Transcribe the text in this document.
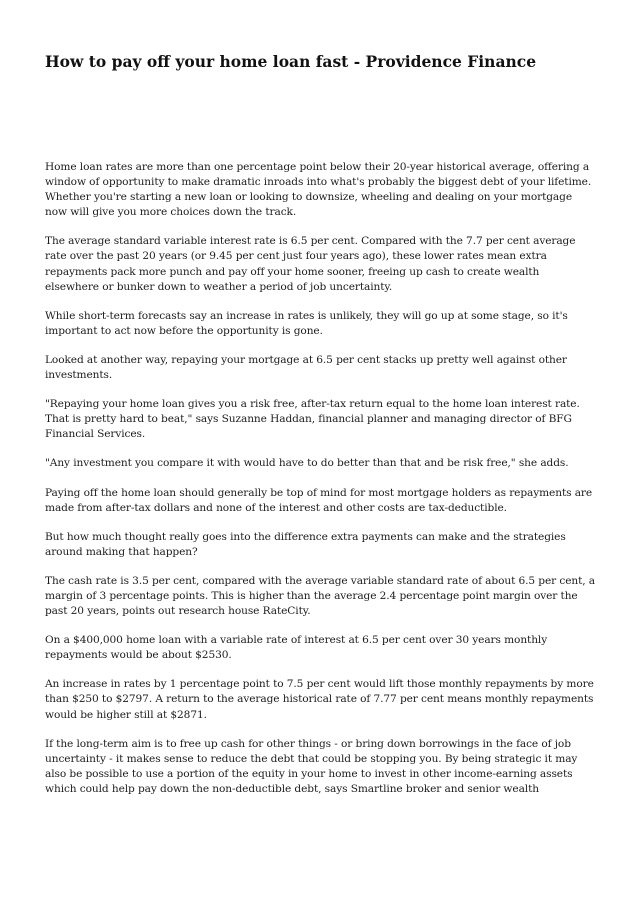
How to pay off your home loan fast - Providence Finance

Home loan rates are more than one percentage point below their 20-year historical average, offering a window of opportunity to make dramatic inroads into what's probably the biggest debt of your lifetime. Whether you're starting a new loan or looking to downsize, wheeling and dealing on your mortgage now will give you more choices down the track.

The average standard variable interest rate is 6.5 per cent. Compared with the 7.7 per cent average rate over the past 20 years (or 9.45 per cent just four years ago), these lower rates mean extra repayments pack more punch and pay off your home sooner, freeing up cash to create wealth elsewhere or bunker down to weather a period of job uncertainty.

While short-term forecasts say an increase in rates is unlikely, they will go up at some stage, so it's important to act now before the opportunity is gone.

Looked at another way, repaying your mortgage at 6.5 per cent stacks up pretty well against other investments.

"Repaying your home loan gives you a risk free, after-tax return equal to the home loan interest rate. That is pretty hard to beat," says Suzanne Haddan, financial planner and managing director of BFG Financial Services.

"Any investment you compare it with would have to do better than that and be risk free," she adds.

Paying off the home loan should generally be top of mind for most mortgage holders as repayments are made from after-tax dollars and none of the interest and other costs are tax-deductible.

But how much thought really goes into the difference extra payments can make and the strategies around making that happen?

The cash rate is 3.5 per cent, compared with the average variable standard rate of about 6.5 per cent, a margin of 3 percentage points. This is higher than the average 2.4 percentage point margin over the past 20 years, points out research house RateCity.

On a $400,000 home loan with a variable rate of interest at 6.5 per cent over 30 years monthly repayments would be about $2530.

An increase in rates by 1 percentage point to 7.5 per cent would lift those monthly repayments by more than $250 to $2797. A return to the average historical rate of 7.77 per cent means monthly repayments would be higher still at $2871.

If the long-term aim is to free up cash for other things - or bring down borrowings in the face of job uncertainty - it makes sense to reduce the debt that could be stopping you. By being strategic it may also be possible to use a portion of the equity in your home to invest in other income-earning assets which could help pay down the non-deductible debt, says Smartline broker and senior wealth
